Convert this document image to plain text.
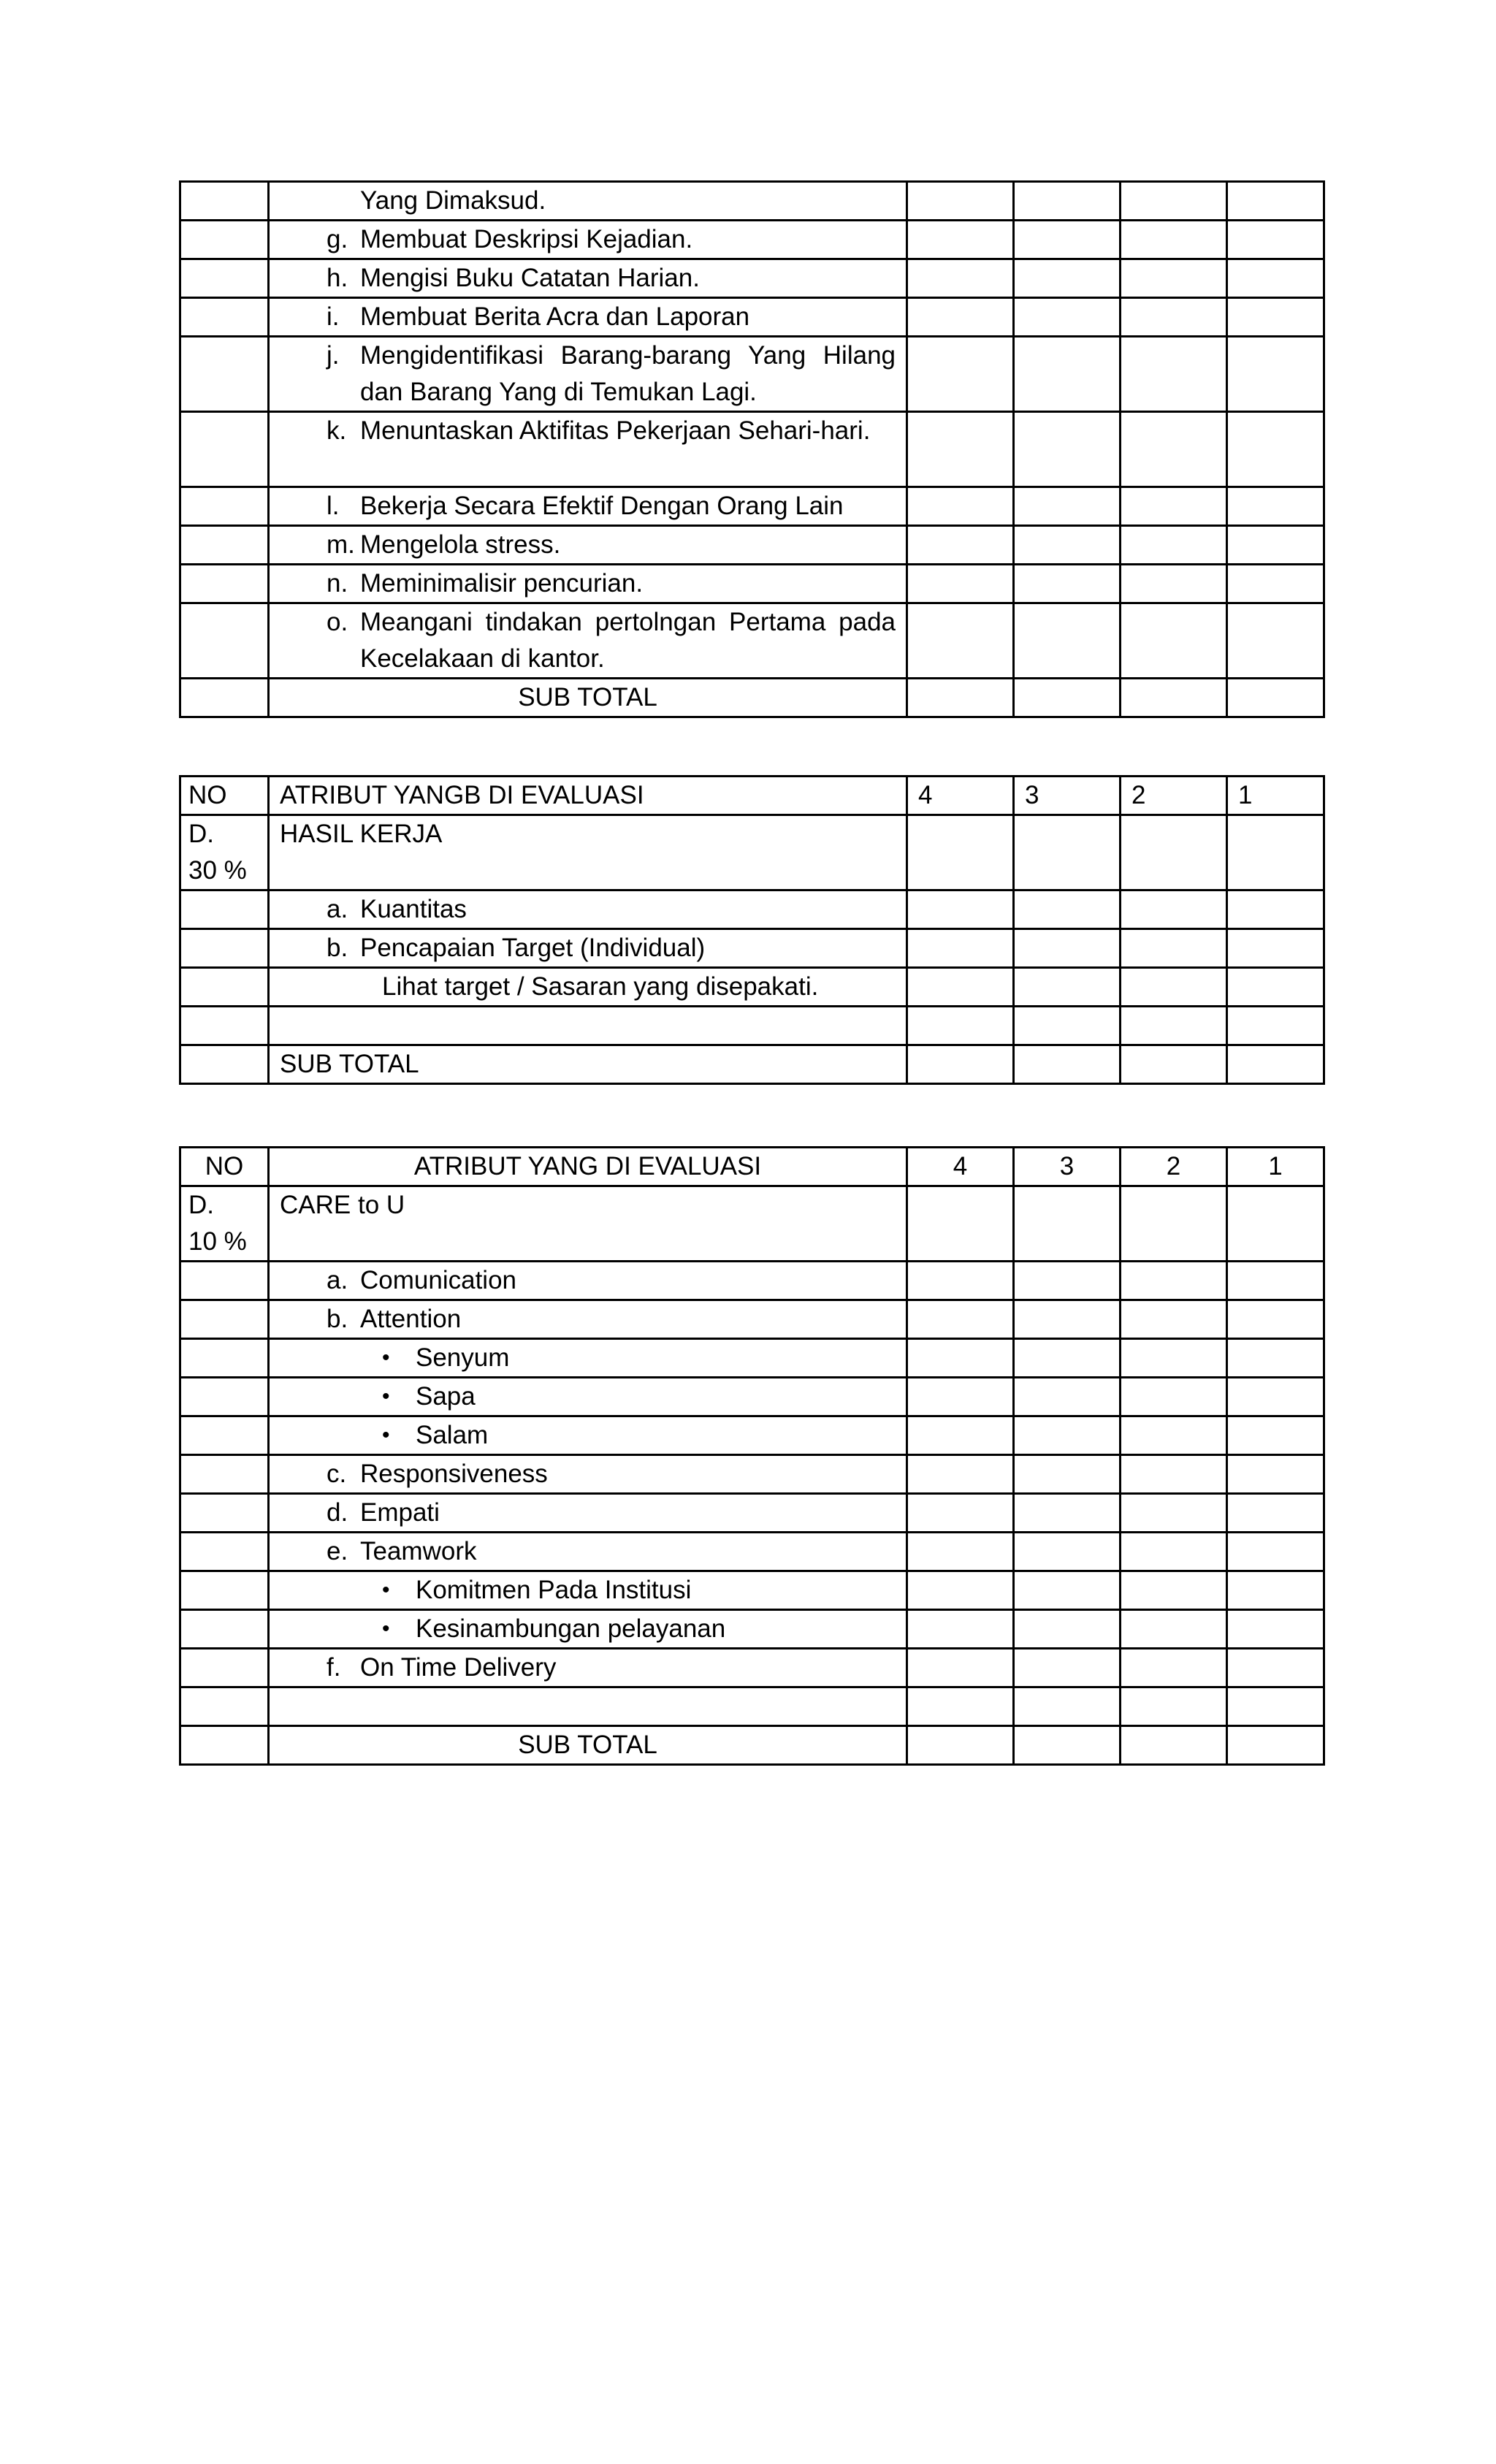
	Yang Dimaksud.				

	g. Membuat Deskripsi Kejadian.				

	h. Mengisi Buku Catatan Harian.				

	i. Membuat Berita Acra dan Laporan				

	j. Mengidentifikasi Barang-barang Yang Hilang dan Barang Yang di Temukan Lagi.				

	k. Menuntaskan Aktifitas Pekerjaan Sehari-hari.				

	l. Bekerja Secara Efektif Dengan Orang Lain				

	m. Mengelola stress.				

	n. Meminimalisir pencurian.				

	o. Meangani tindakan pertolngan Pertama pada Kecelakaan di kantor.				

	SUB TOTAL				
NO	ATRIBUT YANGB DI EVALUASI	4	3	2	1

D.
30 %	HASIL KERJA				

	a. Kuantitas				

	b. Pencapaian Target (Individual)				

	Lihat target / Sasaran yang disepakati.				

	SUB TOTAL				
NO	ATRIBUT YANG DI EVALUASI	4	3	2	1

D.
10 %	CARE to U				

	a. Comunication				

	b. Attention				

	• Senyum				

	• Sapa				

	• Salam				

	c. Responsiveness				

	d. Empati				

	e. Teamwork				

	• Komitmen Pada Institusi				

	• Kesinambungan pelayanan				

	f. On Time Delivery				

	SUB TOTAL				
